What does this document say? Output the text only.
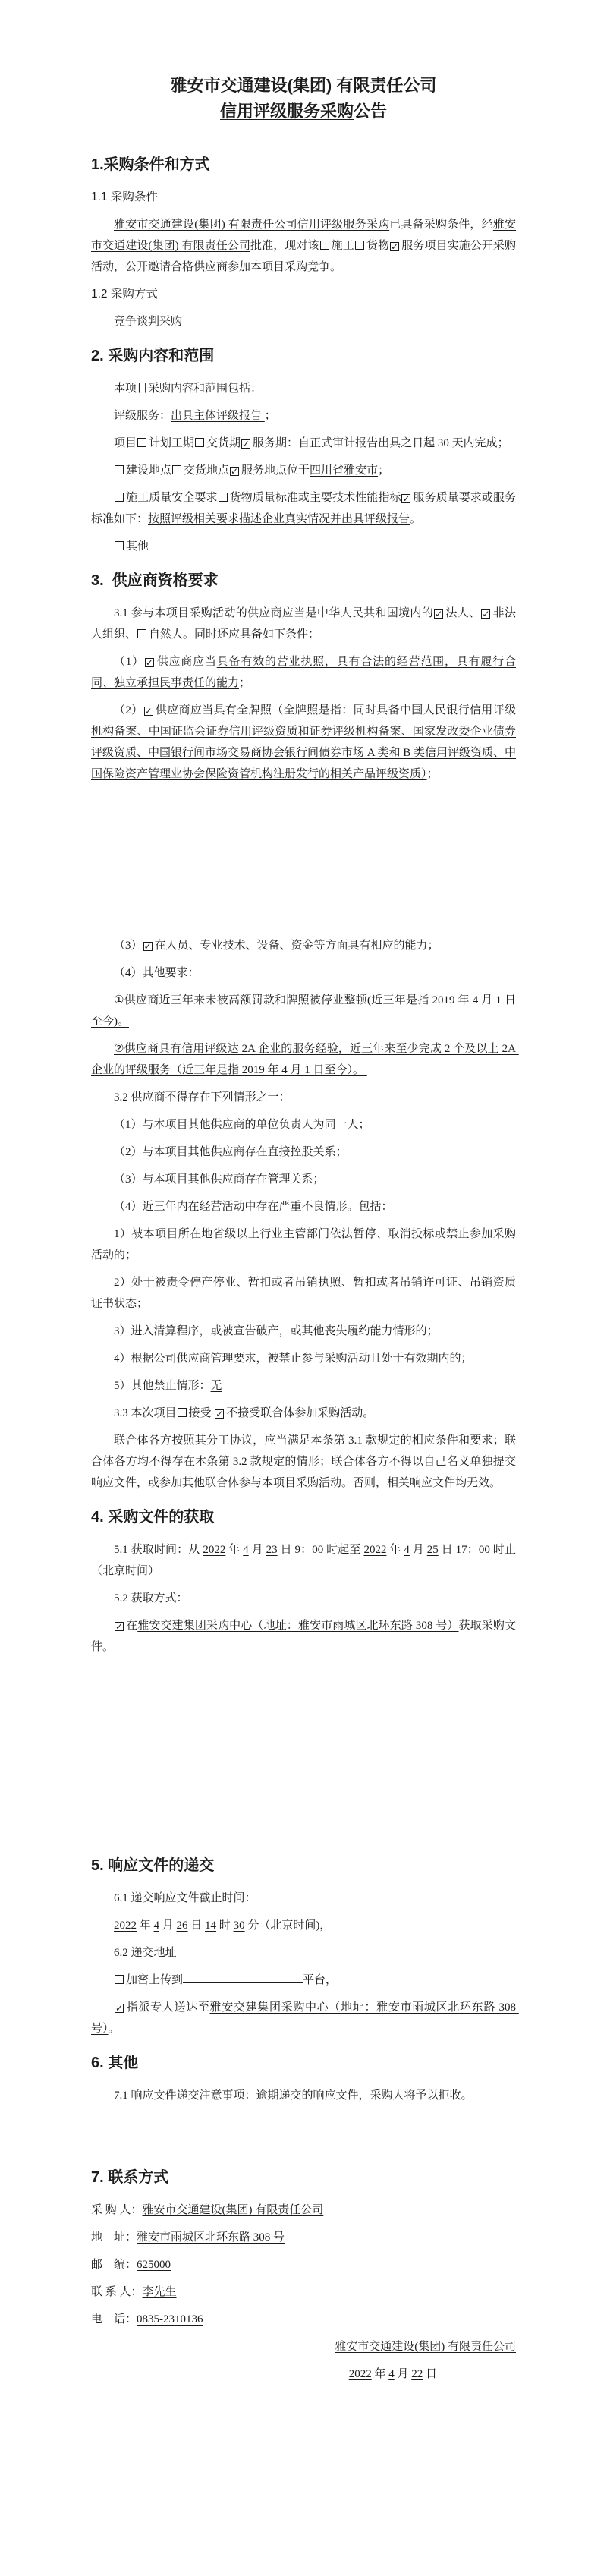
雅安市交通建设(集团) 有限责任公司
信用评级服务采购公告
1.采购条件和方式
1.1 采购条件
雅安市交通建设(集团) 有限责任公司信用评级服务采购已具备采购条件，经雅安市交通建设(集团) 有限责任公司批准，现对该 施工 货物 ✓ 服务项目实施公开采购活动，公开邀请合格供应商参加本项目采购竞争。
1.2 采购方式
竞争谈判采购
2. 采购内容和范围
本项目采购内容和范围包括：
评级服务：出具主体评级报告 ；
项目 计划工期 交货期 ✓ 服务期：自正式审计报告出具之日起 30 天内完成；
建设地点 交货地点 ✓ 服务地点位于四川省雅安市；
施工质量安全要求 货物质量标准或主要技术性能指标 ✓ 服务质量要求或服务标准如下：按照评级相关要求描述企业真实情况并出具评级报告。
其他
3.  供应商资格要求
3.1 参与本项目采购活动的供应商应当是中华人民共和国境内的 ✓ 法人、 ✓ 非法人组织、 自然人。同时还应具备如下条件：
（1） ✓ 供应商应当具备有效的营业执照，具有合法的经营范围，具有履行合同、独立承担民事责任的能力；
（2） ✓ 供应商应当具有全牌照（全牌照是指：同时具备中国人民银行信用评级机构备案、中国证监会证券信用评级资质和证券评级机构备案、国家发改委企业债券评级资质、中国银行间市场交易商协会银行间债券市场 A 类和 B 类信用评级资质、中国保险资产管理业协会保险资管机构注册发行的相关产品评级资质）；
（3） ✓ 在人员、专业技术、设备、资金等方面具有相应的能力；
（4）其他要求：
①供应商近三年来未被高额罚款和牌照被停业整顿(近三年是指 2019 年 4 月 1 日至今)。
②供应商具有信用评级达 2A 企业的服务经验，近三年来至少完成 2 个及以上 2A 企业的评级服务（近三年是指 2019 年 4 月 1 日至今）。
3.2 供应商不得存在下列情形之一：
（1）与本项目其他供应商的单位负责人为同一人；
（2）与本项目其他供应商存在直接控股关系；
（3）与本项目其他供应商存在管理关系；
（4）近三年内在经营活动中存在严重不良情形。包括：
1）被本项目所在地省级以上行业主管部门依法暂停、取消投标或禁止参加采购活动的；
2）处于被责令停产停业、暂扣或者吊销执照、暂扣或者吊销许可证、吊销资质证书状态；
3）进入清算程序，或被宣告破产，或其他丧失履约能力情形的；
4）根据公司供应商管理要求，被禁止参与采购活动且处于有效期内的；
5）其他禁止情形：无
3.3 本次项目 接受 ✓ 不接受联合体参加采购活动。
联合体各方按照其分工协议，应当满足本条第 3.1 款规定的相应条件和要求；联合体各方均不得存在本条第 3.2 款规定的情形；联合体各方不得以自己名义单独提交响应文件，或参加其他联合体参与本项目采购活动。否则，相关响应文件均无效。
4. 采购文件的获取
5.1 获取时间：从 2022 年 4 月 23 日 9：00 时起至 2022 年 4 月 25 日 17：00 时止（北京时间）
5.2 获取方式：
✓ 在雅安交建集团采购中心（地址：雅安市雨城区北环东路 308 号）获取采购文件。
5. 响应文件的递交
6.1 递交响应文件截止时间：
2022 年 4 月 26 日 14 时 30 分（北京时间)，
6.2 递交地址
加密上传到	平台，
✓ 指派专人送达至雅安交建集团采购中心（地址：雅安市雨城区北环东路 308 号）。
6. 其他
7.1 响应文件递交注意事项：逾期递交的响应文件，采购人将予以拒收。
7. 联系方式
采 购 人：雅安市交通建设(集团) 有限责任公司
地    址：雅安市雨城区北环东路 308 号
邮    编：625000
联 系 人：李先生
电    话：0835-2310136
雅安市交通建设(集团) 有限责任公司
2022 年 4 月 22 日
